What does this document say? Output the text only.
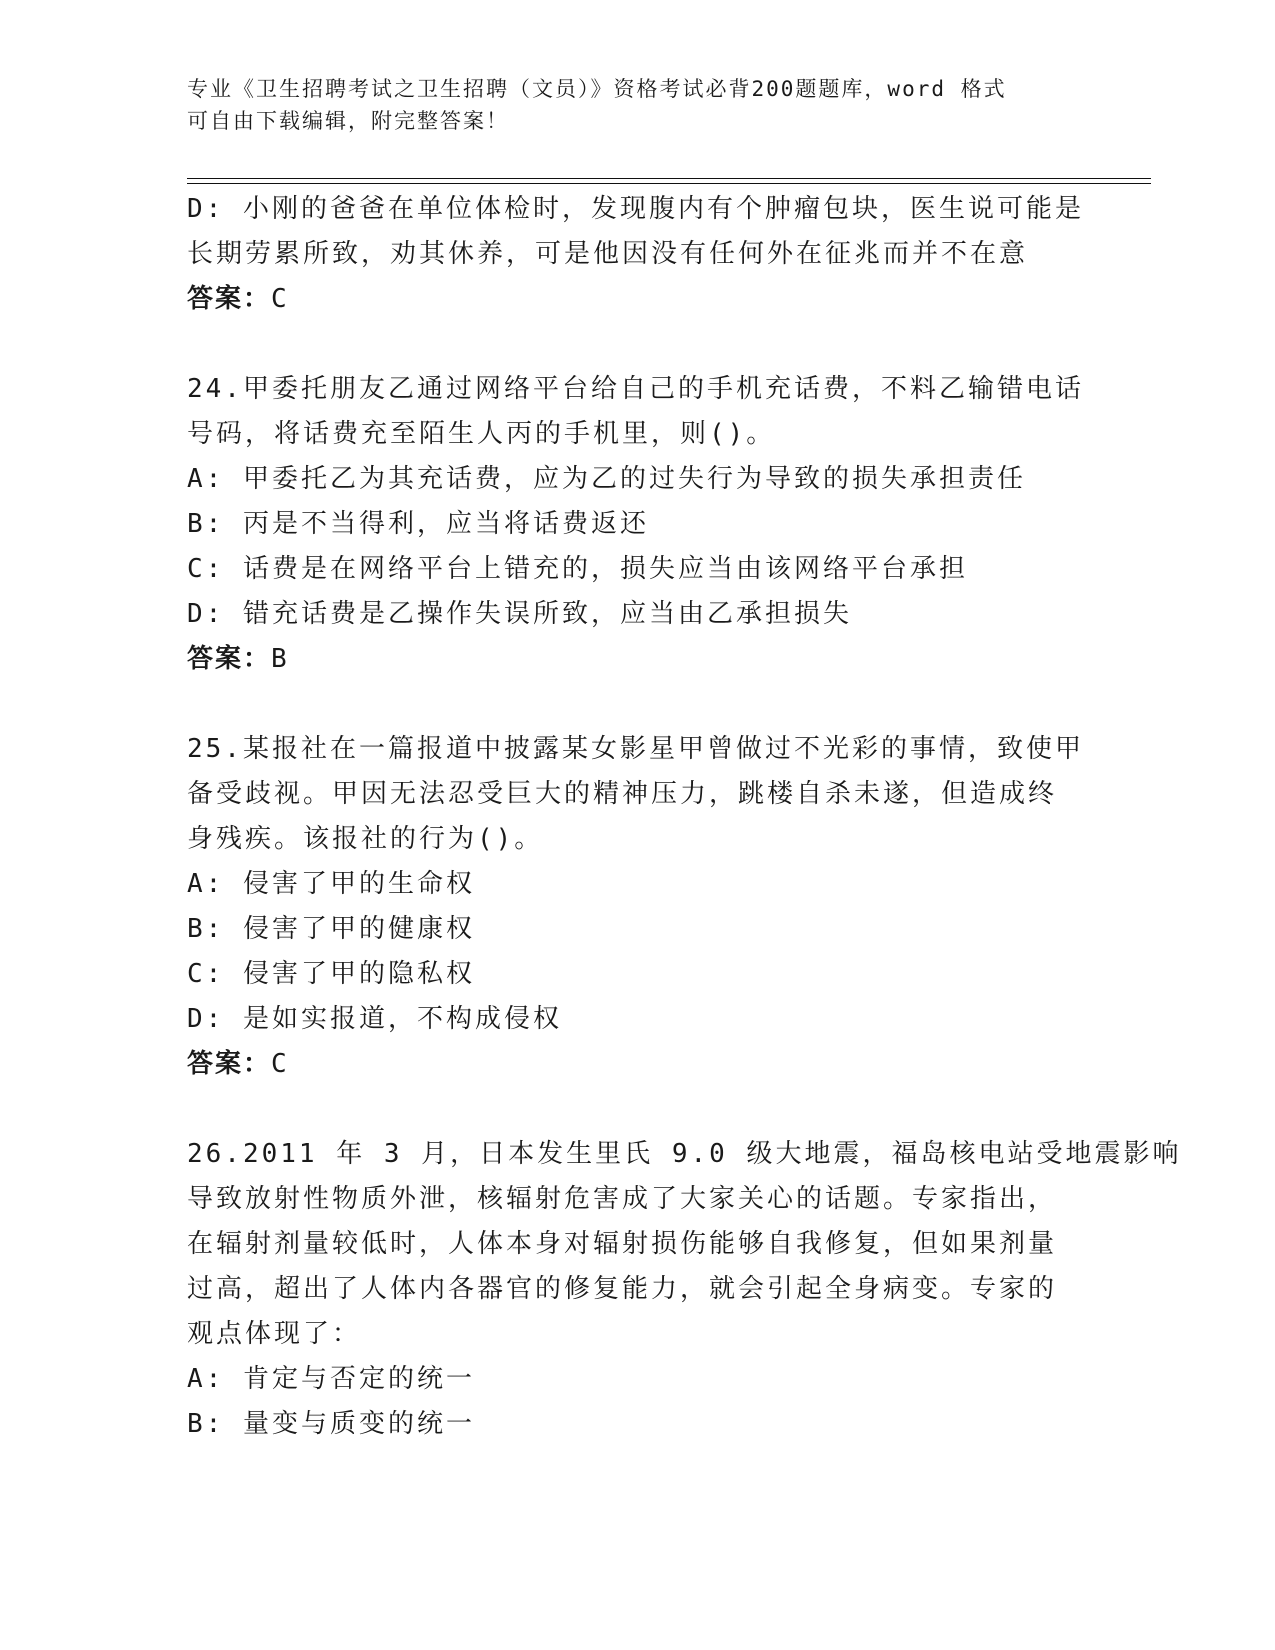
专业《卫生招聘考试之卫生招聘（文员）》资格考试必背200题题库，word 格式
可自由下载编辑，附完整答案！
D: 小刚的爸爸在单位体检时，发现腹内有个肿瘤包块，医生说可能是
长期劳累所致，劝其休养，可是他因没有任何外在征兆而并不在意
答案：C
24.甲委托朋友乙通过网络平台给自己的手机充话费，不料乙输错电话
号码，将话费充至陌生人丙的手机里，则()。
A: 甲委托乙为其充话费，应为乙的过失行为导致的损失承担责任
B: 丙是不当得利，应当将话费返还
C: 话费是在网络平台上错充的，损失应当由该网络平台承担
D: 错充话费是乙操作失误所致，应当由乙承担损失
答案：B
25.某报社在一篇报道中披露某女影星甲曾做过不光彩的事情，致使甲
备受歧视。甲因无法忍受巨大的精神压力，跳楼自杀未遂，但造成终
身残疾。该报社的行为()。
A: 侵害了甲的生命权
B: 侵害了甲的健康权
C: 侵害了甲的隐私权
D: 是如实报道，不构成侵权
答案：C
26.2011 年 3 月，日本发生里氏 9.0 级大地震，福岛核电站受地震影响
导致放射性物质外泄，核辐射危害成了大家关心的话题。专家指出，
在辐射剂量较低时，人体本身对辐射损伤能够自我修复，但如果剂量
过高，超出了人体内各器官的修复能力，就会引起全身病变。专家的
观点体现了：
A: 肯定与否定的统一
B: 量变与质变的统一
